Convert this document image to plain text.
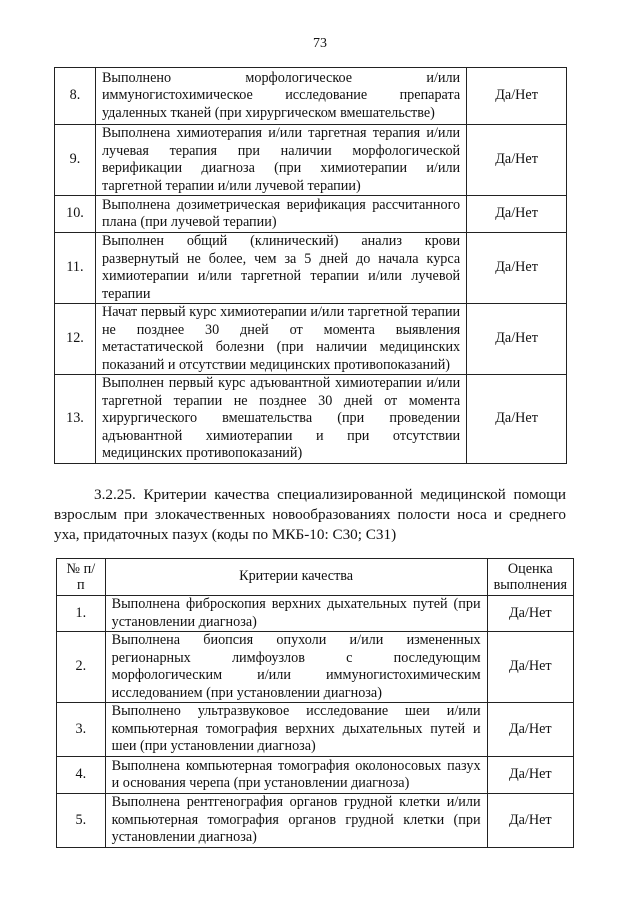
73
8.	Выполнено морфологическое и/или иммуногистохимическое исследование препарата удаленных тканей (при хирургическом вмешательстве)	Да/Нет
9.	Выполнена химиотерапия и/или таргетная терапия и/или лучевая терапия при наличии морфологической верификации диагноза (при химиотерапии и/или таргетной терапии и/или лучевой терапии)	Да/Нет
10.	Выполнена дозиметрическая верификация рассчитанного плана (при лучевой терапии)	Да/Нет
11.	Выполнен общий (клинический) анализ крови развернутый не более, чем за 5 дней до начала курса химиотерапии и/или таргетной терапии и/или лучевой терапии	Да/Нет
12.	Начат первый курс химиотерапии и/или таргетной терапии не позднее 30 дней от момента выявления метастатической болезни (при наличии медицинских показаний и отсутствии медицинских противопоказаний)	Да/Нет
13.	Выполнен первый курс адъювантной химиотерапии и/или таргетной терапии не позднее 30 дней от момента хирургического вмешательства (при проведении адъювантной химиотерапии и при отсутствии медицинских противопоказаний)	Да/Нет
3.2.25. Критерии качества специализированной медицинской помощи взрослым при злокачественных новообразованиях полости носа и среднего уха, придаточных пазух (коды по МКБ-10: С30; С31)
№ п/п	Критерии качества	Оценка выполнения
1.	Выполнена фиброскопия верхних дыхательных путей (при установлении диагноза)	Да/Нет
2.	Выполнена биопсия опухоли и/или измененных регионарных лимфоузлов с последующим морфологическим и/или иммуногистохимическим исследованием (при установлении диагноза)	Да/Нет
3.	Выполнено ультразвуковое исследование шеи и/или компьютерная томография верхних дыхательных путей и шеи (при установлении диагноза)	Да/Нет
4.	Выполнена компьютерная томография околоносовых пазух и основания черепа (при установлении диагноза)	Да/Нет
5.	Выполнена рентгенография органов грудной клетки и/или компьютерная томография органов грудной клетки (при установлении диагноза)	Да/Нет
